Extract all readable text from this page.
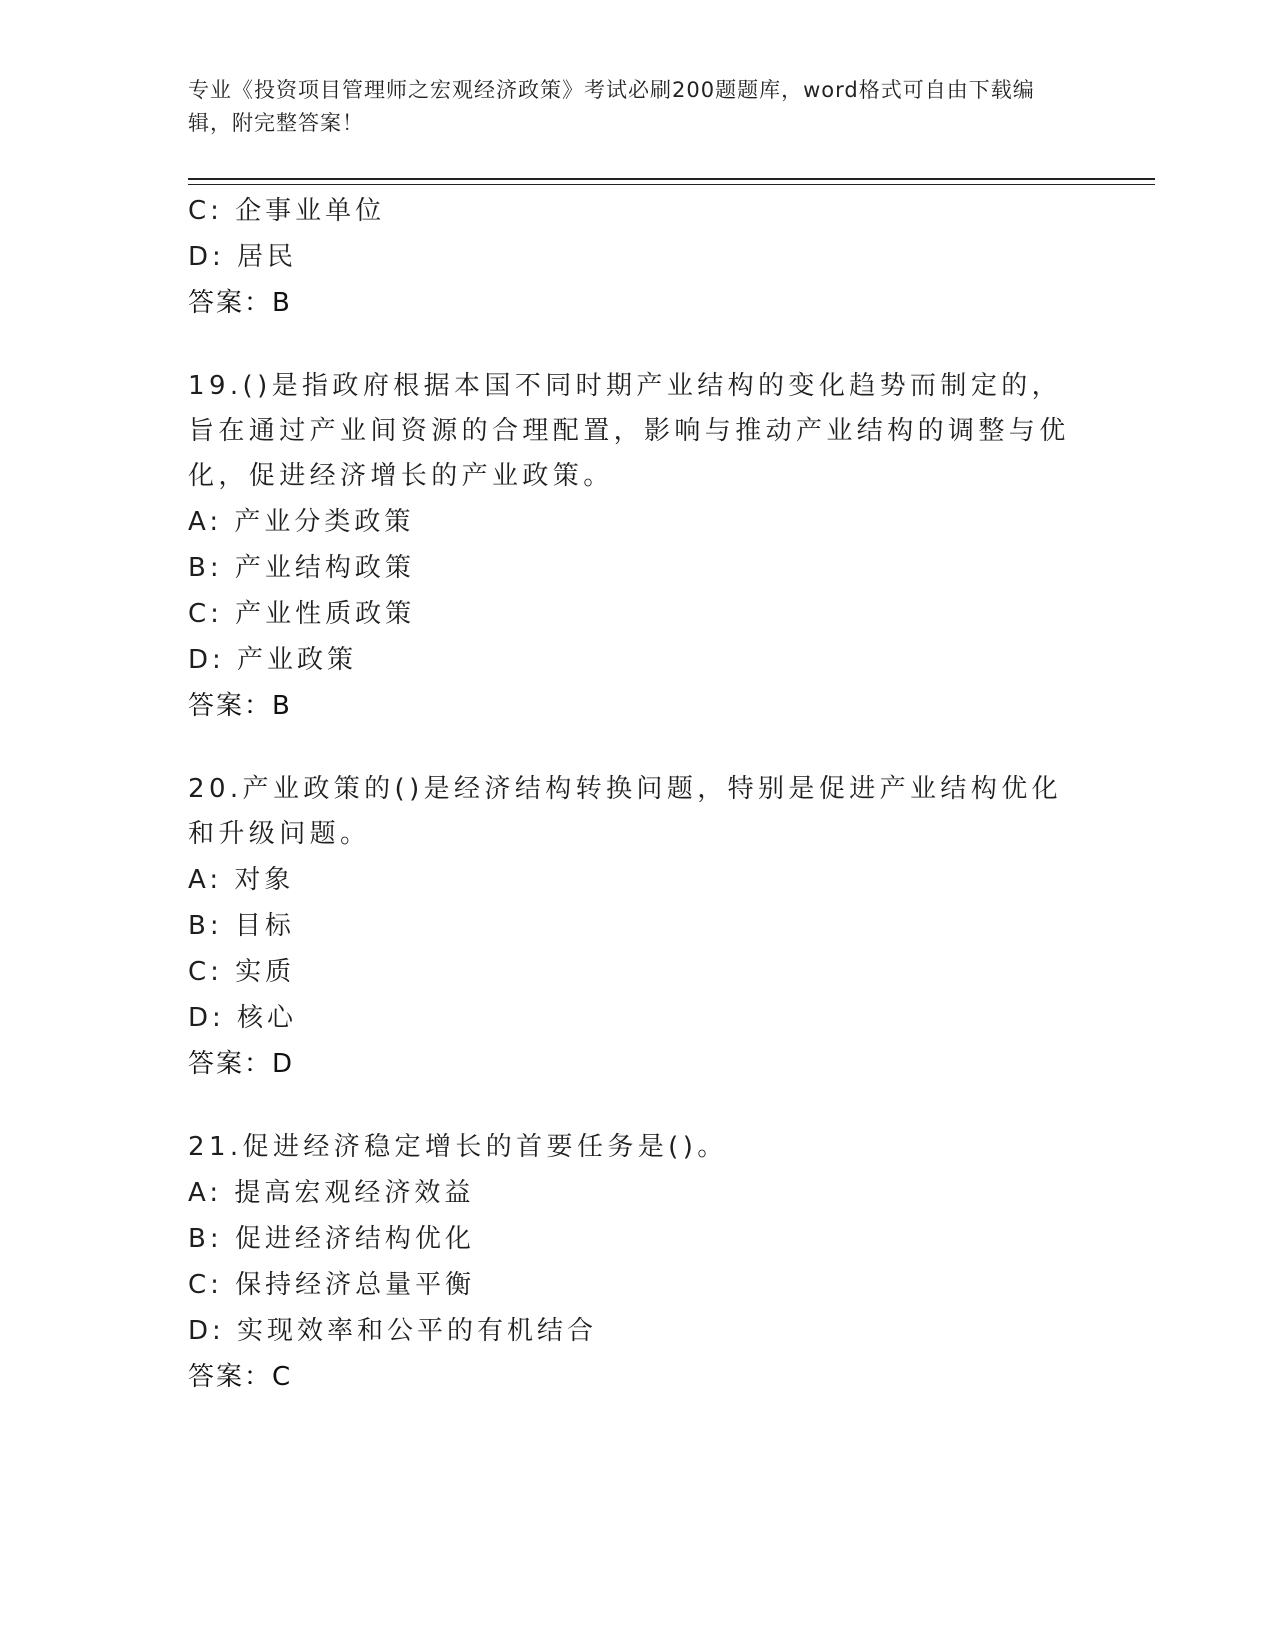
专业《投资项目管理师之宏观经济政策》考试必刷200题题库，word格式可自由下载编辑，附完整答案！
C: 企事业单位
D: 居民
答案：B
19.()是指政府根据本国不同时期产业结构的变化趋势而制定的，旨在通过产业间资源的合理配置，影响与推动产业结构的调整与优化，促进经济增长的产业政策。
A: 产业分类政策
B: 产业结构政策
C: 产业性质政策
D: 产业政策
答案：B
20.产业政策的()是经济结构转换问题，特别是促进产业结构优化和升级问题。
A: 对象
B: 目标
C: 实质
D: 核心
答案：D
21.促进经济稳定增长的首要任务是()。
A: 提高宏观经济效益
B: 促进经济结构优化
C: 保持经济总量平衡
D: 实现效率和公平的有机结合
答案：C
